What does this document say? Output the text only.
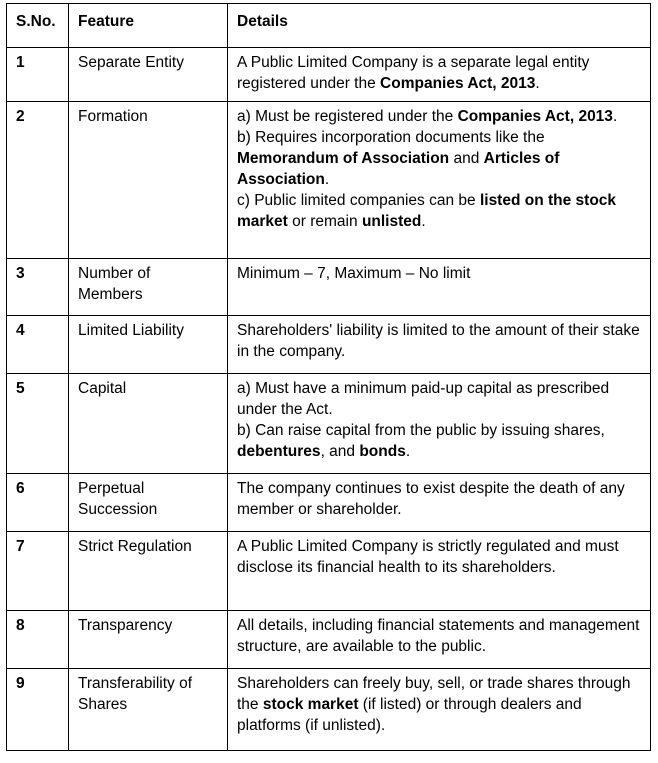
S.No.	Feature	Details
1	Separate Entity	A Public Limited Company is a separate legal entity registered under the Companies Act, 2013.

2	Formation	a) Must be registered under the Companies Act, 2013.
b) Requires incorporation documents like the Memorandum of Association and Articles of Association.
c) Public limited companies can be listed on the stock market or remain unlisted.

3	Number of Members	Minimum – 7, Maximum – No limit

4	Limited Liability	Shareholders' liability is limited to the amount of their stake in the company.

5	Capital	a) Must have a minimum paid-up capital as prescribed under the Act.
b) Can raise capital from the public by issuing shares, debentures, and bonds.

6	Perpetual Succession	The company continues to exist despite the death of any member or shareholder.

7	Strict Regulation	A Public Limited Company is strictly regulated and must disclose its financial health to its shareholders.

8	Transparency	All details, including financial statements and management structure, are available to the public.

9	Transferability of Shares	Shareholders can freely buy, sell, or trade shares through the stock market (if listed) or through dealers and platforms (if unlisted).
